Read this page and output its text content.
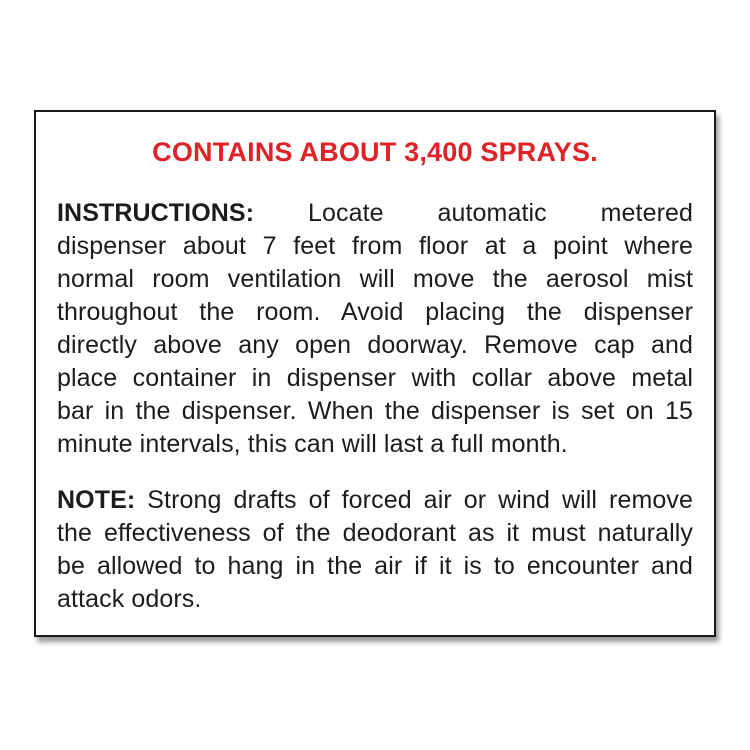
CONTAINS ABOUT 3,400 SPRAYS.
INSTRUCTIONS: Locate automatic metered
dispenser about 7 feet from floor at a point where
normal room ventilation will move the aerosol mist
throughout the room. Avoid placing the dispenser
directly above any open doorway. Remove cap and
place container in dispenser with collar above metal
bar in the dispenser. When the dispenser is set on 15
minute intervals, this can will last a full month.
NOTE: Strong drafts of forced air or wind will remove
the effectiveness of the deodorant as it must naturally
be allowed to hang in the air if it is to encounter and
attack odors.
